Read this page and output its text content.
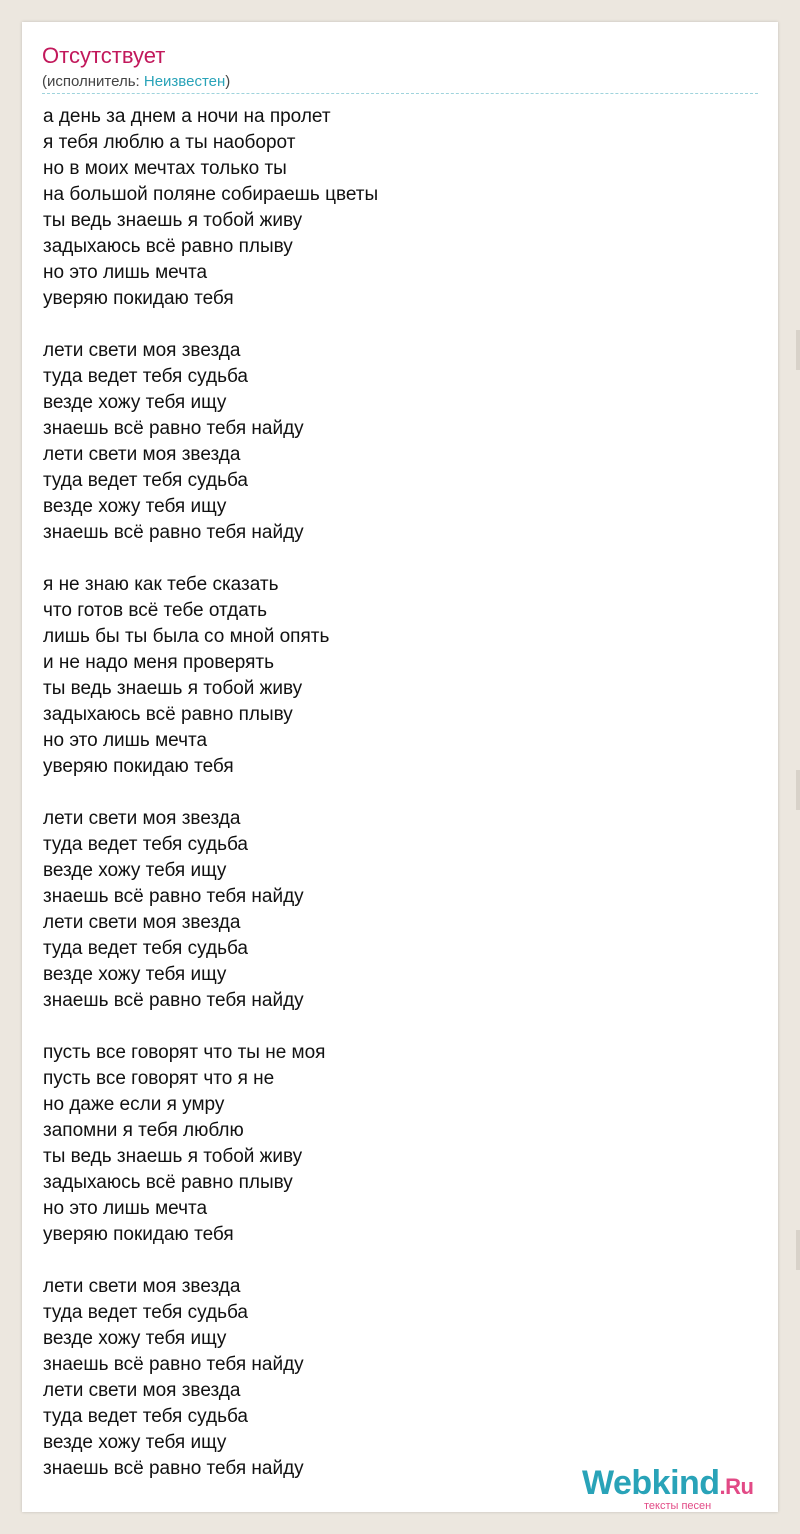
Отсутствует
(исполнитель: Неизвестен)
а день за днем а ночи на пролет
я тебя люблю а ты наоборот
но в моих мечтах только ты
на большой поляне собираешь цветы
ты ведь знаешь я тобой живу
задыхаюсь всё равно плыву
но это лишь мечта
уверяю покидаю тебя
лети свети моя звезда
туда ведет тебя судьба
везде хожу тебя ищу
знаешь всё равно тебя найду
лети свети моя звезда
туда ведет тебя судьба
везде хожу тебя ищу
знаешь всё равно тебя найду
я не знаю как тебе сказать
что готов всё тебе отдать
лишь бы ты была со мной опять
и не надо меня проверять
ты ведь знаешь я тобой живу
задыхаюсь всё равно плыву
но это лишь мечта
уверяю покидаю тебя
лети свети моя звезда
туда ведет тебя судьба
везде хожу тебя ищу
знаешь всё равно тебя найду
лети свети моя звезда
туда ведет тебя судьба
везде хожу тебя ищу
знаешь всё равно тебя найду
пусть все говорят что ты не моя
пусть все говорят что я не
но даже если я умру
запомни я тебя люблю
ты ведь знаешь я тобой живу
задыхаюсь всё равно плыву
но это лишь мечта
уверяю покидаю тебя
лети свети моя звезда
туда ведет тебя судьба
везде хожу тебя ищу
знаешь всё равно тебя найду
лети свети моя звезда
туда ведет тебя судьба
везде хожу тебя ищу
знаешь всё равно тебя найду	Webkind.Ru
тексты песен
